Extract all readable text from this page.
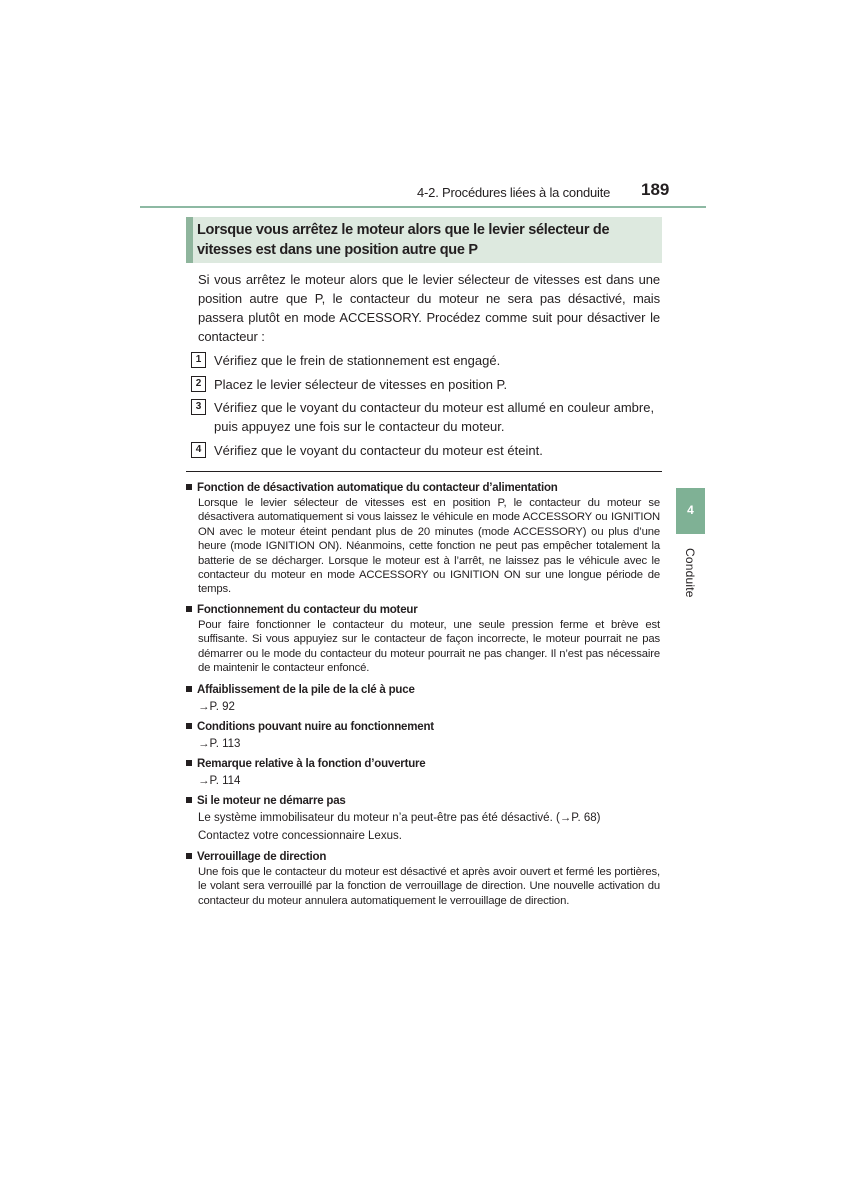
4-2. Procédures liées à la conduite 189
4
Conduite
Lorsque vous arrêtez le moteur alors que le levier sélecteur de vitesses est dans une position autre que P
Si vous arrêtez le moteur alors que le levier sélecteur de vitesses est dans une position autre que P, le contacteur du moteur ne sera pas désactivé, mais passera plutôt en mode ACCESSORY. Procédez comme suit pour désactiver le contacteur :
1 Vérifiez que le frein de stationnement est engagé.
2 Placez le levier sélecteur de vitesses en position P.
3 Vérifiez que le voyant du contacteur du moteur est allumé en couleur ambre, puis appuyez une fois sur le contacteur du moteur.
4 Vérifiez que le voyant du contacteur du moteur est éteint.
Fonction de désactivation automatique du contacteur d’alimentation
Lorsque le levier sélecteur de vitesses est en position P, le contacteur du moteur se désactivera automatiquement si vous laissez le véhicule en mode ACCESSORY ou IGNITION ON avec le moteur éteint pendant plus de 20 minutes (mode ACCESSORY) ou plus d’une heure (mode IGNITION ON). Néanmoins, cette fonction ne peut pas empêcher totalement la batterie de se décharger. Lorsque le moteur est à l’arrêt, ne laissez pas le véhicule avec le contacteur du moteur en mode ACCESSORY ou IGNITION ON sur une longue période de temps.
Fonctionnement du contacteur du moteur
Pour faire fonctionner le contacteur du moteur, une seule pression ferme et brève est suffisante. Si vous appuyiez sur le contacteur de façon incorrecte, le moteur pourrait ne pas démarrer ou le mode du contacteur du moteur pourrait ne pas changer. Il n’est pas nécessaire de maintenir le contacteur enfoncé.
Affaiblissement de la pile de la clé à puce
→P. 92
Conditions pouvant nuire au fonctionnement
→P. 113
Remarque relative à la fonction d’ouverture
→P. 114
Si le moteur ne démarre pas
Le système immobilisateur du moteur n’a peut-être pas été désactivé. (→P. 68)
Contactez votre concessionnaire Lexus.
Verrouillage de direction
Une fois que le contacteur du moteur est désactivé et après avoir ouvert et fermé les portières, le volant sera verrouillé par la fonction de verrouillage de direction. Une nouvelle activation du contacteur du moteur annulera automatiquement le verrouillage de direction.
